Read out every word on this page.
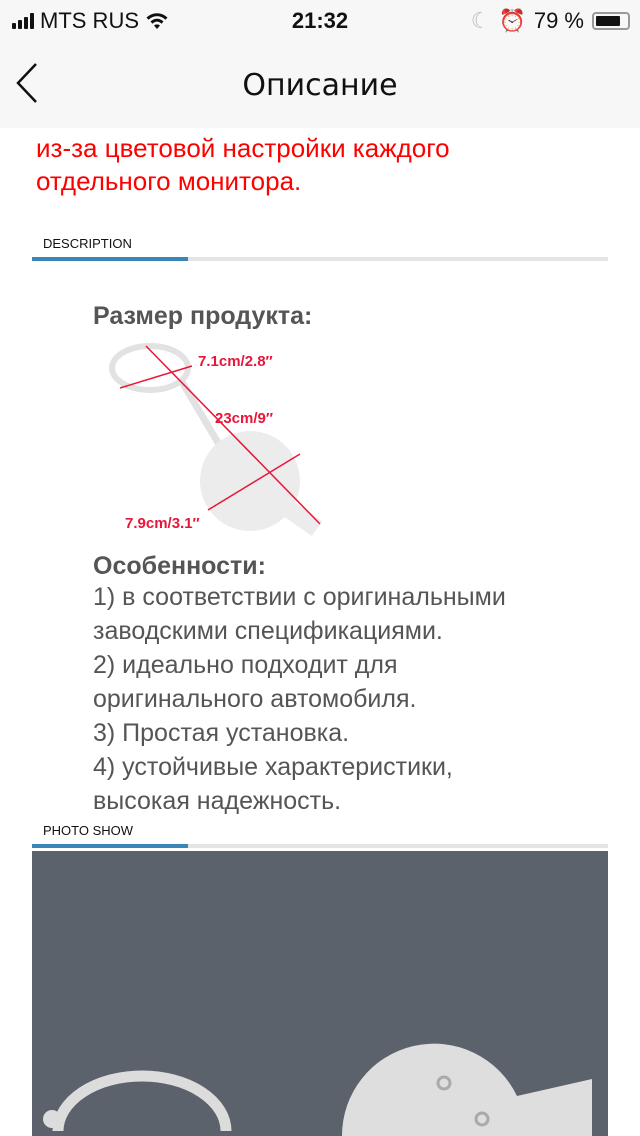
MTS RUS	21:32	☾ ⏰ 79 %
Описание
из-за цветовой настройки каждого
отдельного монитора.
DESCRIPTION
Размер продукта:
7.1cm/2.8″
23cm/9″
7.9cm/3.1″
Особенности:
1) в соответствии с оригинальными
заводскими спецификациями.
2) идеально подходит для
оригинального автомобиля.
3) Простая установка.
4) устойчивые характеристики,
высокая надежность.
PHOTO SHOW
